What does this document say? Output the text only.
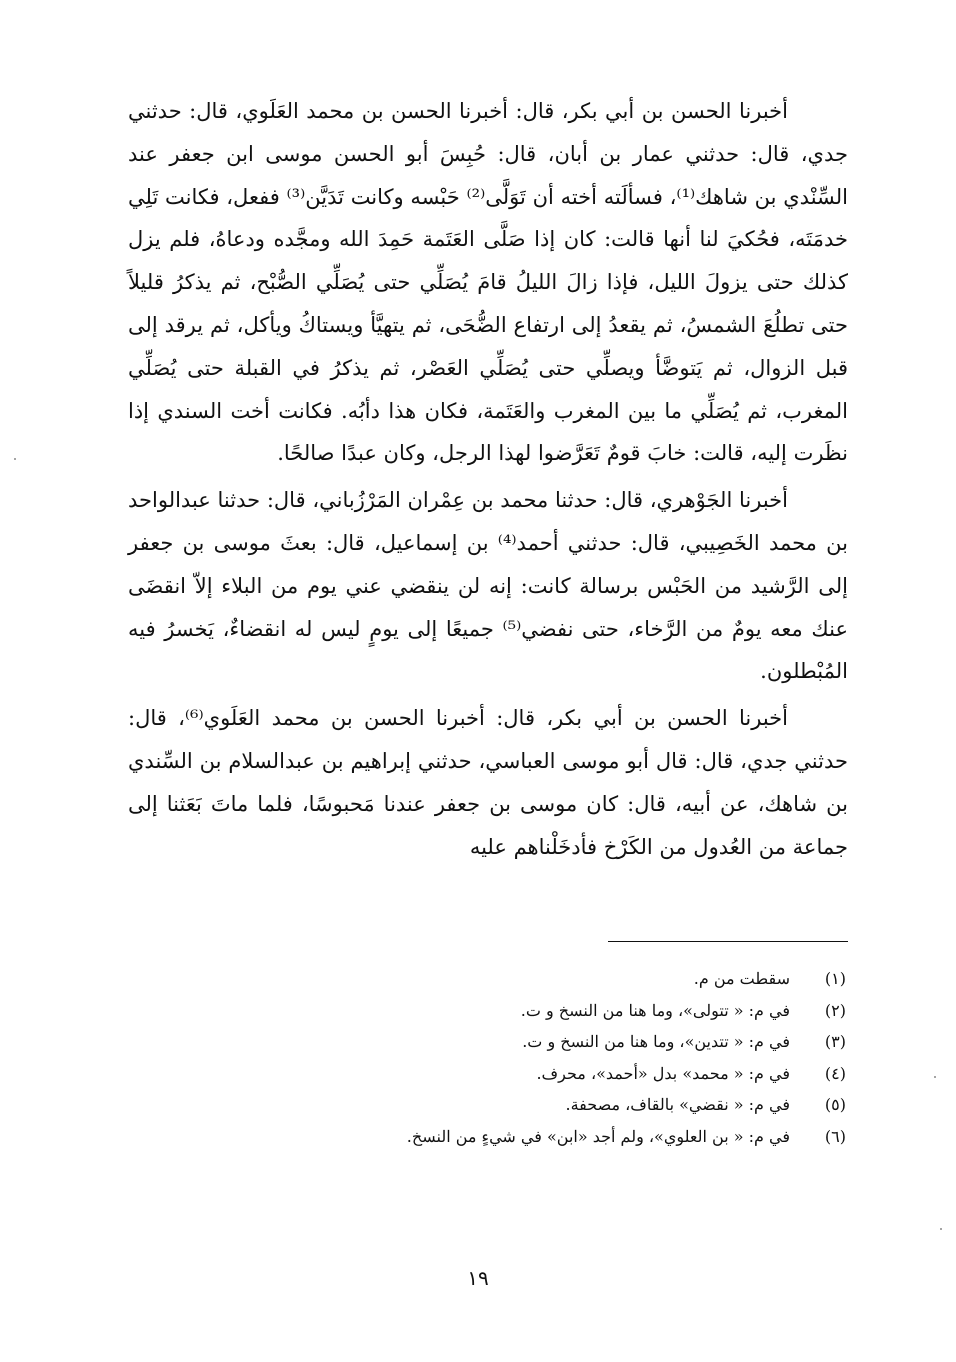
أخبرنا الحسن بن أبي بكر، قال: أخبرنا الحسن بن محمد العَلَوي، قال: حدثني جدي، قال: حدثني عمار بن أبان، قال: حُبِسَ أبو الحسن موسى ابن جعفر عند السِّنْدي بن شاهك⁽¹⁾، فسألَته أخته أن تَوَلَّى⁽²⁾ حَبْسه وكانت تَدَيَّن⁽³⁾ ففعل، فكانت تَلِي خدمَتَه، فحُكيَ لنا أنها قالت: كان إذا صَلَّى العَتَمة حَمِدَ الله ومجَّده ودعاهُ، فلم يزل كذلك حتى يزولَ الليل، فإذا زالَ الليلُ قامَ يُصَلِّي حتى يُصَلِّي الصُّبْح، ثم يذكرُ قليلاً حتى تطلُعَ الشمسُ، ثم يقعدُ إلى ارتفاع الضُّحَى، ثم يتهيَّأ ويستاكُ ويأكل، ثم يرقد إلى قبل الزوال، ثم يَتوضَّأ ويصلِّي حتى يُصَلِّي العَصْر، ثم يذكرُ في القبلة حتى يُصَلِّي المغرب، ثم يُصَلِّي ما بين المغرب والعَتَمة، فكان هذا دأبُه. فكانت أخت السندي إذا نظَرت إليه، قالت: خابَ قومٌ تَعَرَّضوا لهذا الرجل، وكان عبدًا صالحًا.

أخبرنا الجَوْهري، قال: حدثنا محمد بن عِمْران المَرْزُباني، قال: حدثنا عبدالواحد بن محمد الخَصِيبي، قال: حدثني أحمد⁽⁴⁾ بن إسماعيل، قال: بعثَ موسى بن جعفر إلى الرَّشيد من الحَبْس برسالة كانت: إنه لن ينقضي عني يوم من البلاء إلاّ انقضَى عنك معه يومٌ من الرَّخاء، حتى نفضي⁽⁵⁾ جميعًا إلى يومٍ ليس له انقضاءٌ، يَخسرُ فيه المُبْطلون.

أخبرنا الحسن بن أبي بكر، قال: أخبرنا الحسن بن محمد العَلَوي⁽⁶⁾، قال: حدثني جدي، قال: قال أبو موسى العباسي، حدثني إبراهيم بن عبدالسلام بن السِّندي بن شاهك، عن أبيه، قال: كان موسى بن جعفر عندنا مَحبوسًا، فلما ماتَ بَعَثنا إلى جماعة من العُدول من الكَرْخ فأدخَلْناهم عليه

(١)
سقطت من م.
(٢)
في م: « تتولى»، وما هنا من النسخ و ت.
(٣)
في م: « تتدين»، وما هنا من النسخ و ت.
(٤)
في م: « محمد» بدل «أحمد»، محرف.
(٥)
في م: « نقضي» بالقاف، مصحفة.
(٦)
في م: « بن العلوي»، ولم أجد «ابن» في شيءٍ من النسخ.
١٩
